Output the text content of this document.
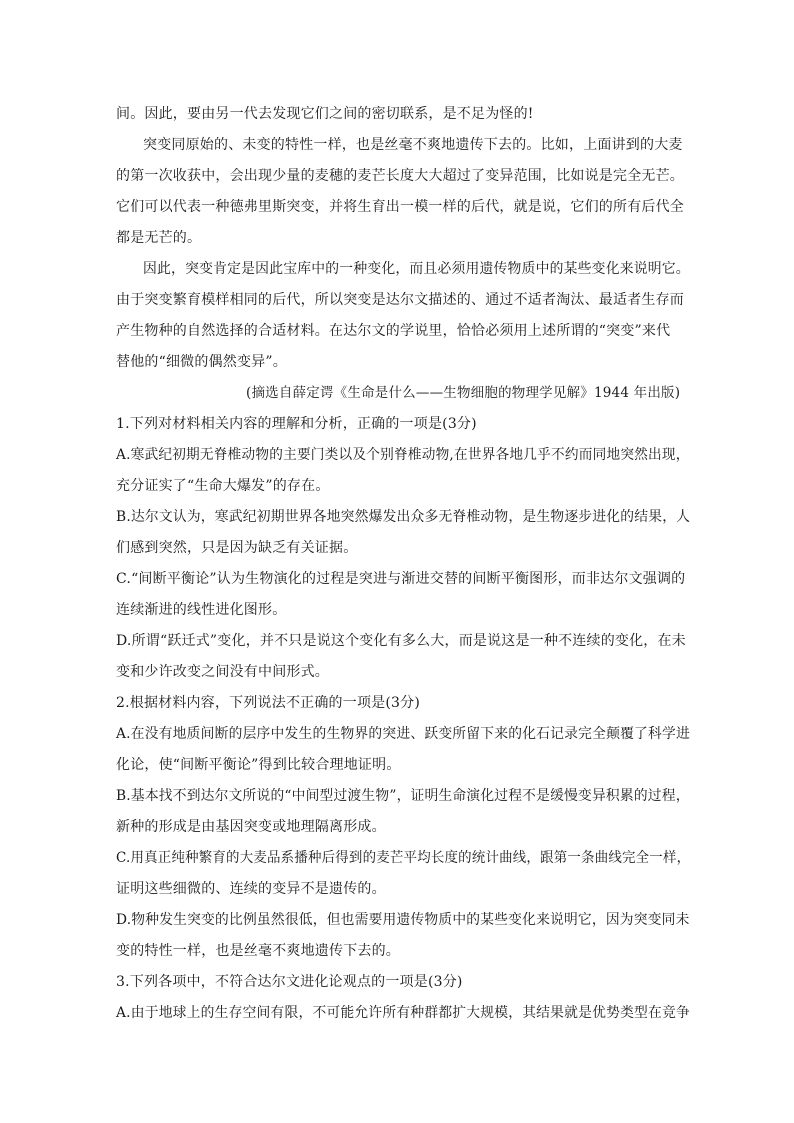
间。因此，要由另一代去发现它们之间的密切联系，是不足为怪的!
突变同原始的、未变的特性一样，也是丝毫不爽地遗传下去的。比如，上面讲到的大麦
的第一次收获中，会出现少量的麦穗的麦芒长度大大超过了变异范围，比如说是完全无芒。
它们可以代表一种德弗里斯突变，并将生育出一模一样的后代，就是说，它们的所有后代全
都是无芒的。
因此，突变肯定是因此宝库中的一种变化，而且必须用遗传物质中的某些变化来说明它。
由于突变繁育模样相同的后代，所以突变是达尔文描述的、通过不适者淘汰、最适者生存而
产生物种的自然选择的合适材料。在达尔文的学说里，恰恰必须用上述所谓的“突变”来代
替他的“细微的偶然变异”。
(摘选自薛定谔《生命是什么——生物细胞的物理学见解》1944 年出版)
1.下列对材料相关内容的理解和分析，正确的一项是(3分)
A.寒武纪初期无脊椎动物的主要门类以及个别脊椎动物,在世界各地几乎不约而同地突然出现，
充分证实了“生命大爆发”的存在。
B.达尔文认为，寒武纪初期世界各地突然爆发出众多无脊椎动物，是生物逐步进化的结果，人
们感到突然，只是因为缺乏有关证据。
C.“间断平衡论”认为生物演化的过程是突进与渐进交替的间断平衡图形，而非达尔文强调的
连续渐进的线性进化图形。
D.所谓“跃迁式”变化，并不只是说这个变化有多么大，而是说这是一种不连续的变化，在未
变和少许改变之间没有中间形式。
2.根据材料内容，下列说法不正确的一项是(3分)
A.在没有地质间断的层序中发生的生物界的突进、跃变所留下来的化石记录完全颠覆了科学进
化论，使“间断平衡论”得到比较合理地证明。
B.基本找不到达尔文所说的“中间型过渡生物”，证明生命演化过程不是缓慢变异积累的过程，
新种的形成是由基因突变或地理隔离形成。
C.用真正纯种繁育的大麦品系播种后得到的麦芒平均长度的统计曲线，跟第一条曲线完全一样，
证明这些细微的、连续的变异不是遗传的。
D.物种发生突变的比例虽然很低，但也需要用遗传物质中的某些变化来说明它，因为突变同未
变的特性一样，也是丝毫不爽地遗传下去的。
3.下列各项中，不符合达尔文进化论观点的一项是(3分)
A.由于地球上的生存空间有限，不可能允许所有种群都扩大规模，其结果就是优势类型在竞争
